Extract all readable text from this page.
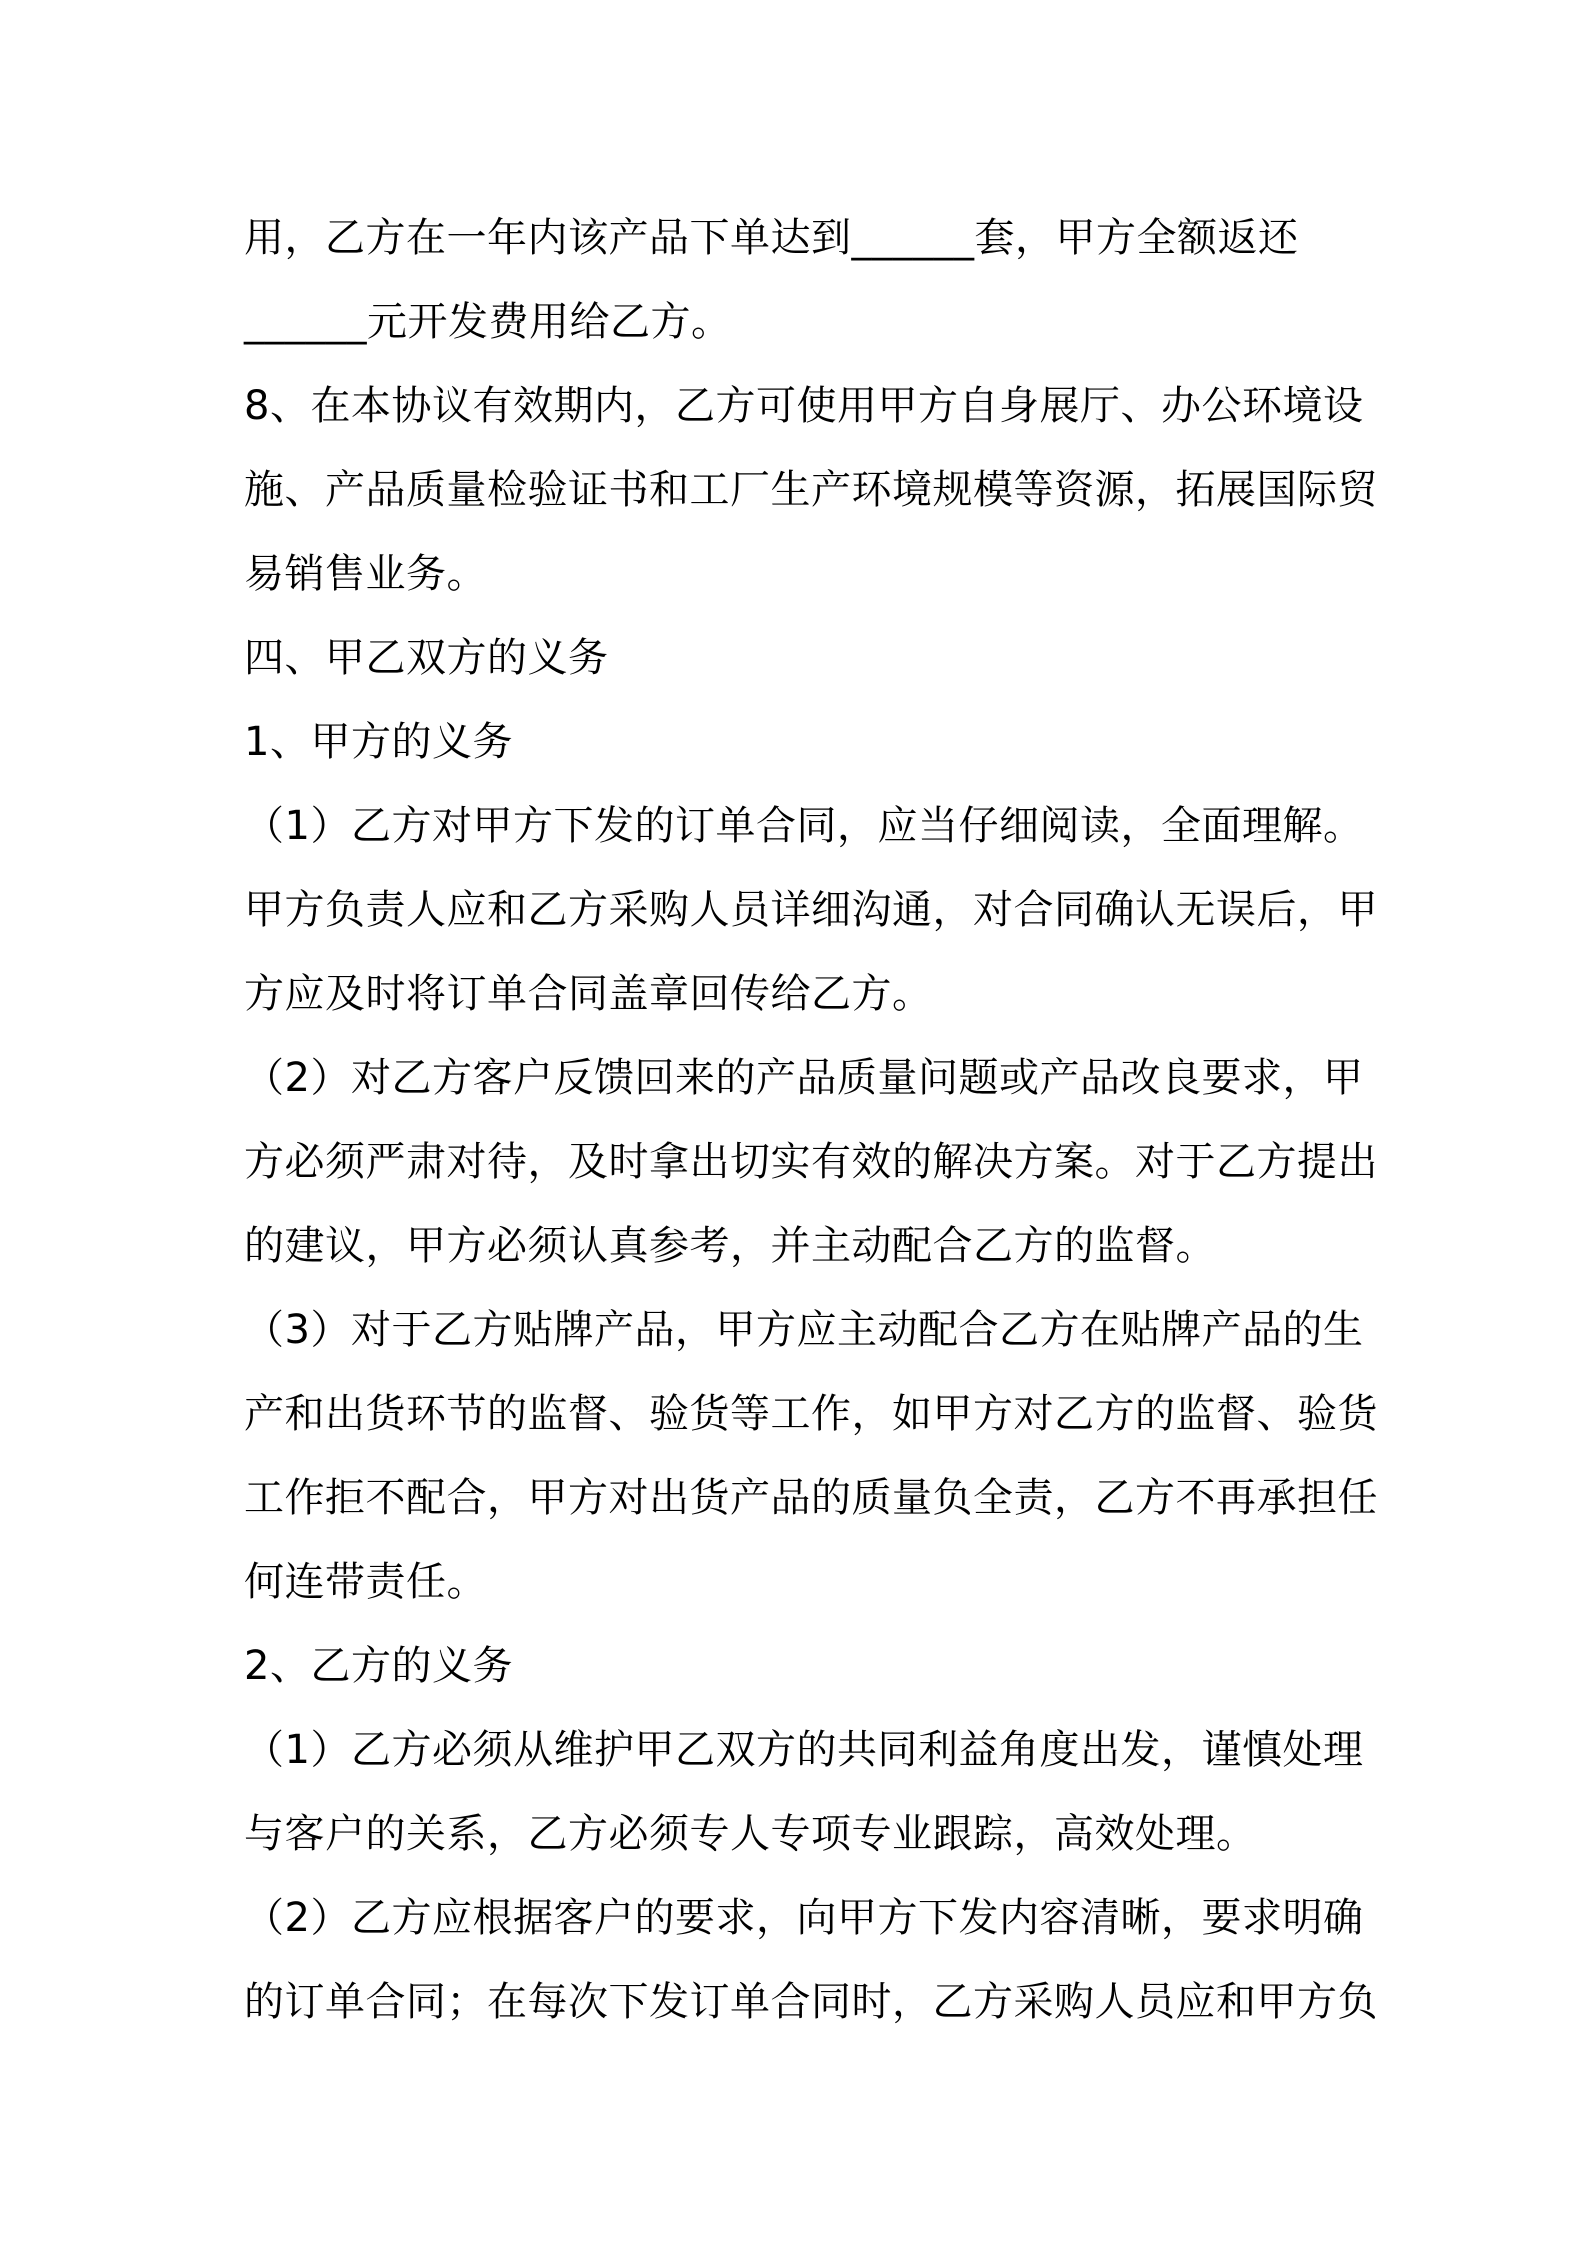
用，乙方在一年内该产品下单达到______套，甲方全额返还
______元开发费用给乙方。
8、在本协议有效期内，乙方可使用甲方自身展厅、办公环境设
施、产品质量检验证书和工厂生产环境规模等资源，拓展国际贸
易销售业务。
四、甲乙双方的义务
1、甲方的义务
（1）乙方对甲方下发的订单合同，应当仔细阅读，全面理解。
甲方负责人应和乙方采购人员详细沟通，对合同确认无误后，甲
方应及时将订单合同盖章回传给乙方。
（2）对乙方客户反馈回来的产品质量问题或产品改良要求，甲
方必须严肃对待，及时拿出切实有效的解决方案。对于乙方提出
的建议，甲方必须认真参考，并主动配合乙方的监督。
（3）对于乙方贴牌产品，甲方应主动配合乙方在贴牌产品的生
产和出货环节的监督、验货等工作，如甲方对乙方的监督、验货
工作拒不配合，甲方对出货产品的质量负全责，乙方不再承担任
何连带责任。
2、乙方的义务
（1）乙方必须从维护甲乙双方的共同利益角度出发，谨慎处理
与客户的关系，乙方必须专人专项专业跟踪，高效处理。
（2）乙方应根据客户的要求，向甲方下发内容清晰，要求明确
的订单合同；在每次下发订单合同时，乙方采购人员应和甲方负
